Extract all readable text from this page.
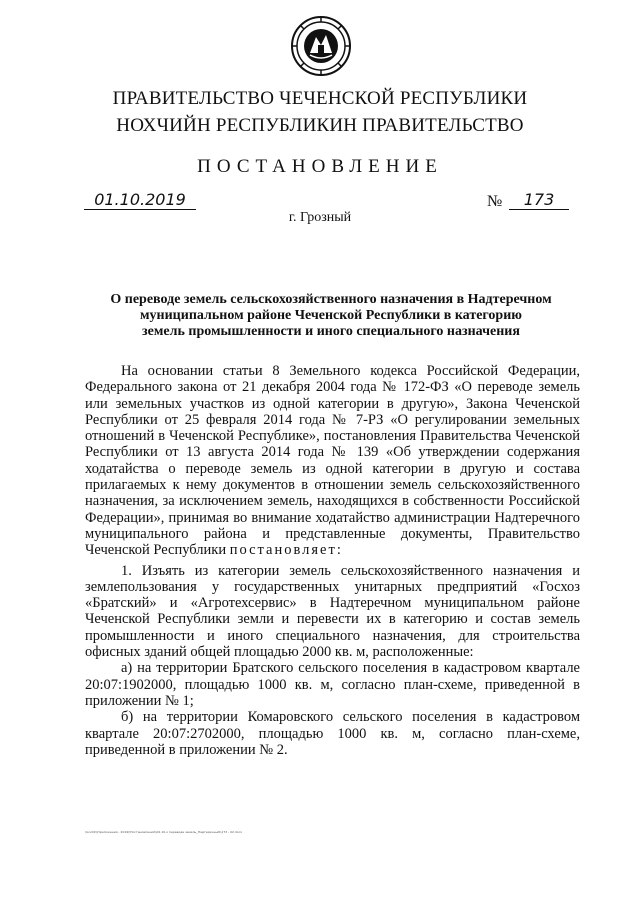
ПРАВИТЕЛЬСТВО ЧЕЧЕНСКОЙ РЕСПУБЛИКИ
НОХЧИЙН РЕСПУБЛИКИН ПРАВИТЕЛЬСТВО
ПОСТАНОВЛЕНИЕ
01.10.2019	№	173
г. Грозный
О переводе земель сельскохозяйственного назначения в Надтеречном
муниципальном районе Чеченской Республики в категорию
земель промышленности и иного специального назначения

На основании статьи 8 Земельного кодекса Российской Федерации, Федерального закона от 21 декабря 2004 года № 172-ФЗ «О переводе земель или земельных участков из одной категории в другую», Закона Чеченской Республики от 25 февраля 2014 года № 7-РЗ «О регулировании земельных отношений в Чеченской Республике», постановления Правительства Чеченской Республики от 13 августа 2014 года № 139 «Об утверждении содержания ходатайства о переводе земель из одной категории в другую и состава прилагаемых к нему документов в отношении земель сельскохозяйственного назначения, за исключением земель, находящихся в собственности Российской Федерации», принимая во внимание ходатайство администрации Надтеречного муниципального района и представленные документы, Правительство Чеченской Республики постановляет:

1. Изъять из категории земель сельскохозяйственного назначения и землепользования у государственных унитарных предприятий «Госхоз «Братский» и «Агротехсервис» в Надтеречном муниципальном районе Чеченской Республики земли и перевести их в категорию и состав земель промышленности и иного специального назначения, для строительства офисных зданий общей площадью 2000 кв. м, расположенные:

а) на территории Братского сельского поселения в кадастровом квартале 20:07:1902000, площадью 1000 кв. м, согласно план-схеме, приведенной в приложении № 1;

б) на территории Комаровского сельского поселения в кадастровом квартале 20:07:2702000, площадью 1000 кв. м, согласно план-схеме, приведенной в приложении № 2.

\\srv01\\Приложения - 2019\\Постановления\\01.10-о переводе земель_Надтеречный\\173 - 02.docx
